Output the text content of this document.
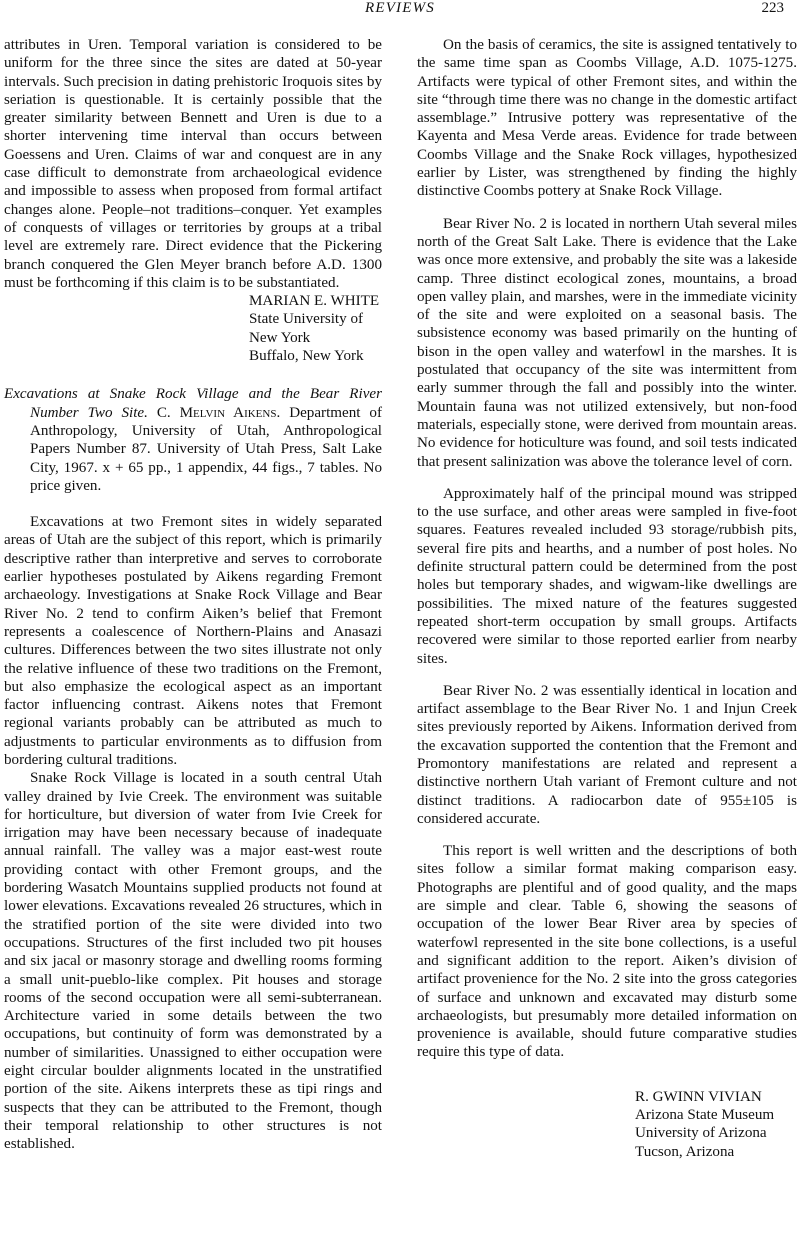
REVIEWS	223

attributes in Uren. Temporal variation is considered to be uniform for the three since the sites are dated at 50-year intervals. Such precision in dating prehistoric Iroquois sites by seriation is questionable. It is certainly possible that the greater similarity between Bennett and Uren is due to a shorter intervening time interval than occurs between Goessens and Uren. Claims of war and conquest are in any case difficult to demonstrate from archaeological evidence and impossible to assess when proposed from formal artifact changes alone. People–not traditions–conquer. Yet examples of conquests of villages or territories by groups at a tribal level are extremely rare. Direct evidence that the Pickering branch conquered the Glen Meyer branch before A.D. 1300 must be forthcoming if this claim is to be substantiated.

MARIAN E. WHITE
State University of New York
Buffalo, New York
Excavations at Snake Rock Village and the Bear River Number Two Site. C. Melvin Aikens. Department of Anthropology, University of Utah, Anthropological Papers Number 87. University of Utah Press, Salt Lake City, 1967. x + 65 pp., 1 appendix, 44 figs., 7 tables. No price given.

Excavations at two Fremont sites in widely separated areas of Utah are the subject of this report, which is primarily descriptive rather than interpretive and serves to corroborate earlier hypotheses postulated by Aikens regarding Fremont archaeology. Investigations at Snake Rock Village and Bear River No. 2 tend to confirm Aiken’s belief that Fremont represents a coalescence of Northern-Plains and Anasazi cultures. Differences between the two sites illustrate not only the relative influence of these two traditions on the Fremont, but also emphasize the ecological aspect as an important factor influencing contrast. Aikens notes that Fremont regional variants probably can be attributed as much to adjustments to particular environments as to diffusion from bordering cultural traditions.

Snake Rock Village is located in a south central Utah valley drained by Ivie Creek. The environment was suitable for horticulture, but diversion of water from Ivie Creek for irrigation may have been necessary because of inadequate annual rainfall. The valley was a major east-west route providing contact with other Fremont groups, and the bordering Wasatch Mountains supplied products not found at lower elevations. Excavations revealed 26 structures, which in the stratified portion of the site were divided into two occupations. Structures of the first included two pit houses and six jacal or masonry storage and dwelling rooms forming a small unit-pueblo-like complex. Pit houses and storage rooms of the second occupation were all semi-subterranean. Architecture varied in some details between the two occupations, but continuity of form was demonstrated by a number of similarities. Unassigned to either occupation were eight circular boulder alignments located in the unstratified portion of the site. Aikens interprets these as tipi rings and suspects that they can be attributed to the Fremont, though their temporal relationship to other structures is not established.

On the basis of ceramics, the site is assigned tentatively to the same time span as Coombs Village, A.D. 1075-1275. Artifacts were typical of other Fremont sites, and within the site “through time there was no change in the domestic artifact assemblage.” Intrusive pottery was representative of the Kayenta and Mesa Verde areas. Evidence for trade between Coombs Village and the Snake Rock villages, hypothesized earlier by Lister, was strengthened by finding the highly distinctive Coombs pottery at Snake Rock Village.

Bear River No. 2 is located in northern Utah several miles north of the Great Salt Lake. There is evidence that the Lake was once more extensive, and probably the site was a lakeside camp. Three distinct ecological zones, mountains, a broad open valley plain, and marshes, were in the immediate vicinity of the site and were exploited on a seasonal basis. The subsistence economy was based primarily on the hunting of bison in the open valley and waterfowl in the marshes. It is postulated that occupancy of the site was intermittent from early summer through the fall and possibly into the winter. Mountain fauna was not utilized extensively, but non-food materials, especially stone, were derived from mountain areas. No evidence for hoticulture was found, and soil tests indicated that present salinization was above the tolerance level of corn.

Approximately half of the principal mound was stripped to the use surface, and other areas were sampled in five-foot squares. Features revealed included 93 storage/rubbish pits, several fire pits and hearths, and a number of post holes. No definite structural pattern could be determined from the post holes but temporary shades, and wigwam-like dwellings are possibilities. The mixed nature of the features suggested repeated short-term occupation by small groups. Artifacts recovered were similar to those reported earlier from nearby sites.

Bear River No. 2 was essentially identical in location and artifact assemblage to the Bear River No. 1 and Injun Creek sites previously reported by Aikens. Information derived from the excavation supported the contention that the Fremont and Promontory manifestations are related and represent a distinctive northern Utah variant of Fremont culture and not distinct traditions. A radiocarbon date of 955±105 is considered accurate.

This report is well written and the descriptions of both sites follow a similar format making comparison easy. Photographs are plentiful and of good quality, and the maps are simple and clear. Table 6, showing the seasons of occupation of the lower Bear River area by species of waterfowl represented in the site bone collections, is a useful and significant addition to the report. Aiken’s division of artifact provenience for the No. 2 site into the gross categories of surface and unknown and excavated may disturb some archaeologists, but presumably more detailed information on provenience is available, should future comparative studies require this type of data.

R. GWINN VIVIAN
Arizona State Museum
University of Arizona
Tucson, Arizona
